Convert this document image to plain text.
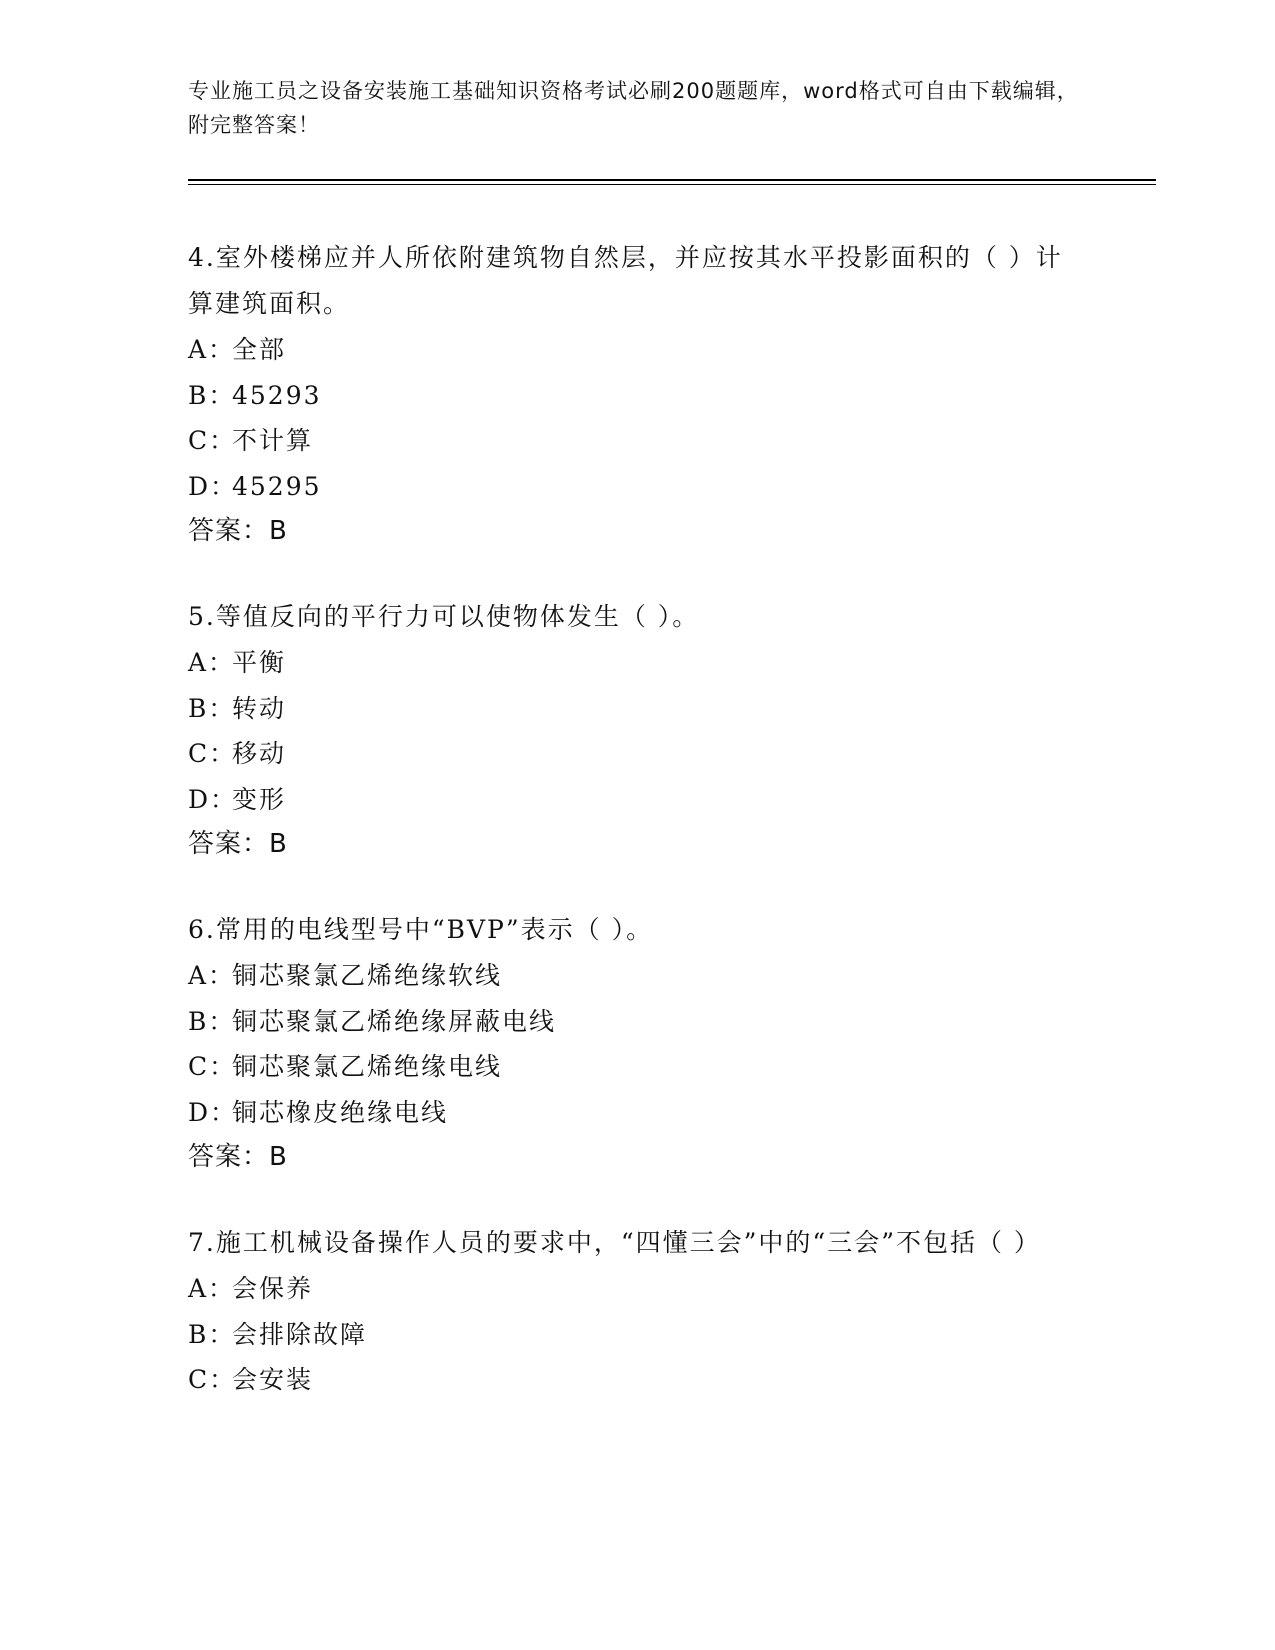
专业施工员之设备安装施工基础知识资格考试必刷200题题库，word格式可自由下载编辑，附完整答案！

4.室外楼梯应并人所依附建筑物自然层，并应按其水平投影面积的（ ）计算建筑面积。

A：
全部

B：
45293

C：
不计算

D：
45295

答案：B

5.等值反向的平行力可以使物体发生（ ）。

A：
平衡

B：
转动

C：
移动

D：
变形

答案：B

6.常用的电线型号中“BVP”表示（ ）。

A：
铜芯聚氯乙烯绝缘软线

B：
铜芯聚氯乙烯绝缘屏蔽电线

C：
铜芯聚氯乙烯绝缘电线

D：
铜芯橡皮绝缘电线

答案：B

7.施工机械设备操作人员的要求中，“四懂三会”中的“三会”不包括（ ）

A：
会保养

B：
会排除故障

C：
会安装
